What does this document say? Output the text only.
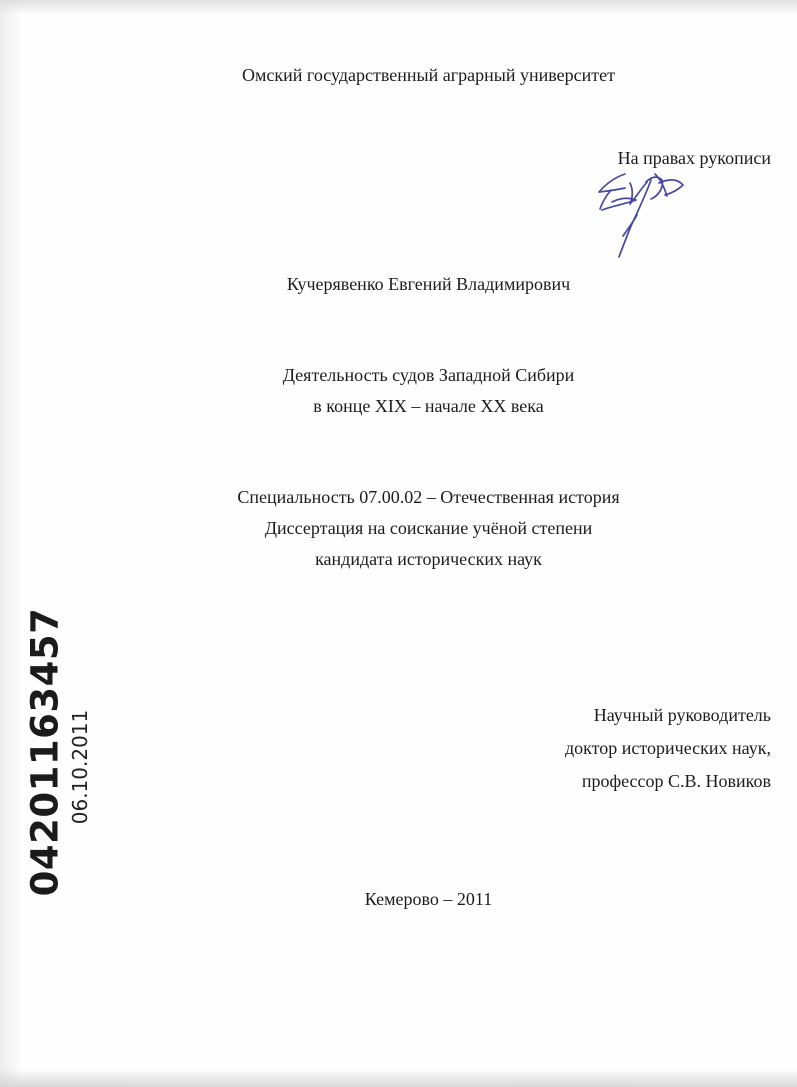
Омский государственный аграрный университет
На правах рукописи
Кучерявенко Евгений Владимирович
Деятельность судов Западной Сибири
в конце XIX – начале XX века
Специальность 07.00.02 – Отечественная история
Диссертация на соискание учёной степени
кандидата исторических наук
Научный руководитель
доктор исторических наук,
профессор С.В. Новиков
Кемерово – 2011
04201163457 06.10.2011
